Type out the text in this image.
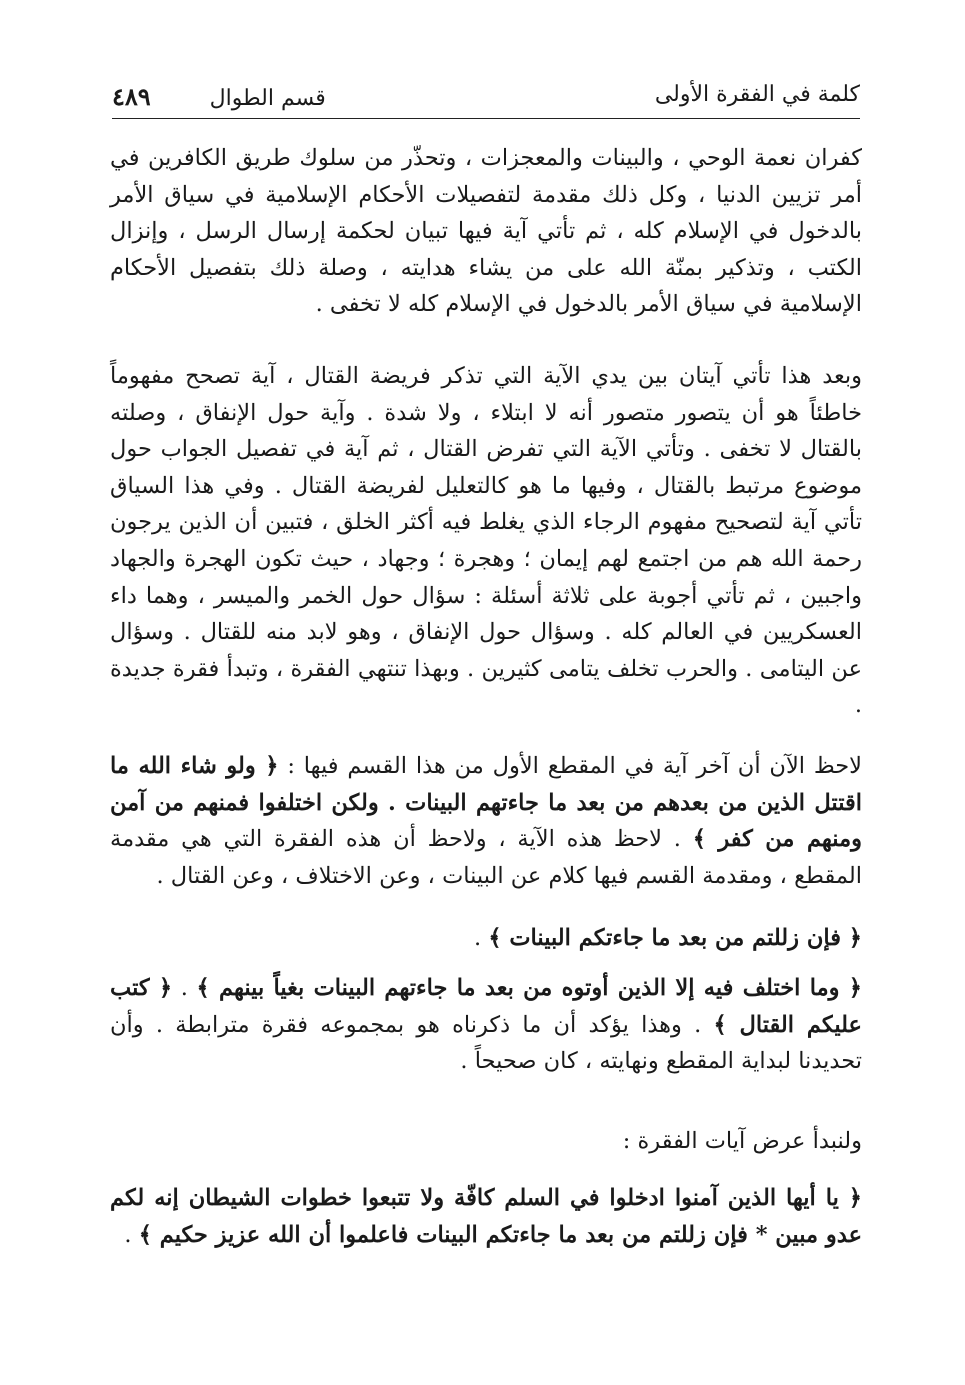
كلمة في الفقرة الأولى
قسم الطوال ٤٨٩

كفران نعمة الوحي ، والبينات والمعجزات ، وتحذّر من سلوك طريق الكافرين في أمر تزيين الدنيا ، وكل ذلك مقدمة لتفصيلات الأحكام الإسلامية في سياق الأمر بالدخول في الإسلام كله ، ثم تأتي آية فيها تبيان لحكمة إرسال الرسل ، وإنزال الكتب ، وتذكير بمنّة الله على من يشاء هدايته ، وصلة ذلك بتفصيل الأحكام الإسلامية في سياق الأمر بالدخول في الإسلام كله لا تخفى .

وبعد هذا تأتي آيتان بين يدي الآية التي تذكر فريضة القتال ، آية تصحح مفهوماً خاطئاً هو أن يتصور متصور أنه لا ابتلاء ، ولا شدة . وآية حول الإنفاق ، وصلته بالقتال لا تخفى . وتأتي الآية التي تفرض القتال ، ثم آية في تفصيل الجواب حول موضوع مرتبط بالقتال ، وفيها ما هو كالتعليل لفريضة القتال . وفي هذا السياق تأتي آية لتصحيح مفهوم الرجاء الذي يغلط فيه أكثر الخلق ، فتبين أن الذين يرجون رحمة الله هم من اجتمع لهم إيمان ؛ وهجرة ؛ وجهاد ، حيث تكون الهجرة والجهاد واجبين ، ثم تأتي أجوبة على ثلاثة أسئلة : سؤال حول الخمر والميسر ، وهما داء العسكريين في العالم كله . وسؤال حول الإنفاق ، وهو لابد منه للقتال . وسؤال عن اليتامى . والحرب تخلف يتامى كثيرين . وبهذا تنتهي الفقرة ، وتبدأ فقرة جديدة .

لاحظ الآن أن آخر آية في المقطع الأول من هذا القسم فيها : ﴿ ولو شاء الله ما اقتتل الذين من بعدهم من بعد ما جاءتهم البينات . ولكن اختلفوا فمنهم من آمن ومنهم من كفر ﴾ . لاحظ هذه الآية ، ولاحظ أن هذه الفقرة التي هي مقدمة المقطع ، ومقدمة القسم فيها كلام عن البينات ، وعن الاختلاف ، وعن القتال .

﴿ فإن زللتم من بعد ما جاءتكم البينات ﴾ .

﴿ وما اختلف فيه إلا الذين أوتوه من بعد ما جاءتهم البينات بغياً بينهم ﴾ . ﴿ كتب عليكم القتال ﴾ . وهذا يؤكد أن ما ذكرناه هو بمجموعه فقرة مترابطة . وأن تحديدنا لبداية المقطع ونهايته ، كان صحيحاً .

ولنبدأ عرض آيات الفقرة :

﴿ يا أيها الذين آمنوا ادخلوا في السلم كافّة ولا تتبعوا خطوات الشيطان إنه لكم عدو مبين * فإن زللتم من بعد ما جاءتكم البينات فاعلموا أن الله عزيز حكيم ﴾ .
